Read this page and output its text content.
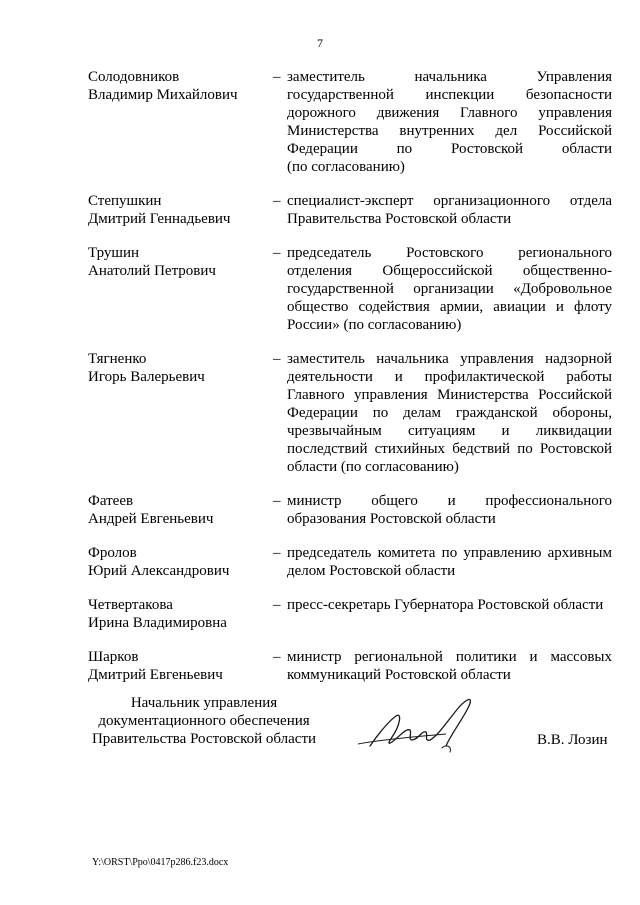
7
Солодовников
Владимир Михайлович
– заместитель начальника Управления
государственной инспекции безопасности
дорожного движения Главного управления
Министерства внутренних дел Российской
Федерации по Ростовской области
(по согласованию)
Степушкин
Дмитрий Геннадьевич
– специалист-эксперт организационного отдела
Правительства Ростовской области
Трушин
Анатолий Петрович
– председатель Ростовского регионального
отделения Общероссийской общественно-
государственной организации «Добровольное
общество содействия армии, авиации и флоту
России» (по согласованию)
Тягненко
Игорь Валерьевич
– заместитель начальника управления надзорной
деятельности и профилактической работы
Главного управления Министерства Российской
Федерации по делам гражданской обороны,
чрезвычайным ситуациям и ликвидации
последствий стихийных бедствий по Ростовской
области (по согласованию)
Фатеев
Андрей Евгеньевич
– министр общего и профессионального
образования Ростовской области
Фролов
Юрий Александрович
– председатель комитета по управлению архивным
делом Ростовской области
Четвертакова
Ирина Владимировна
– пресс-секретарь Губернатора Ростовской области
Шарков
Дмитрий Евгеньевич
– министр региональной политики и массовых
коммуникаций Ростовской области
Начальник управления
документационного обеспечения
Правительства Ростовской области	В.В. Лозин
Y:\ORST\Ppo\0417p286.f23.docx
